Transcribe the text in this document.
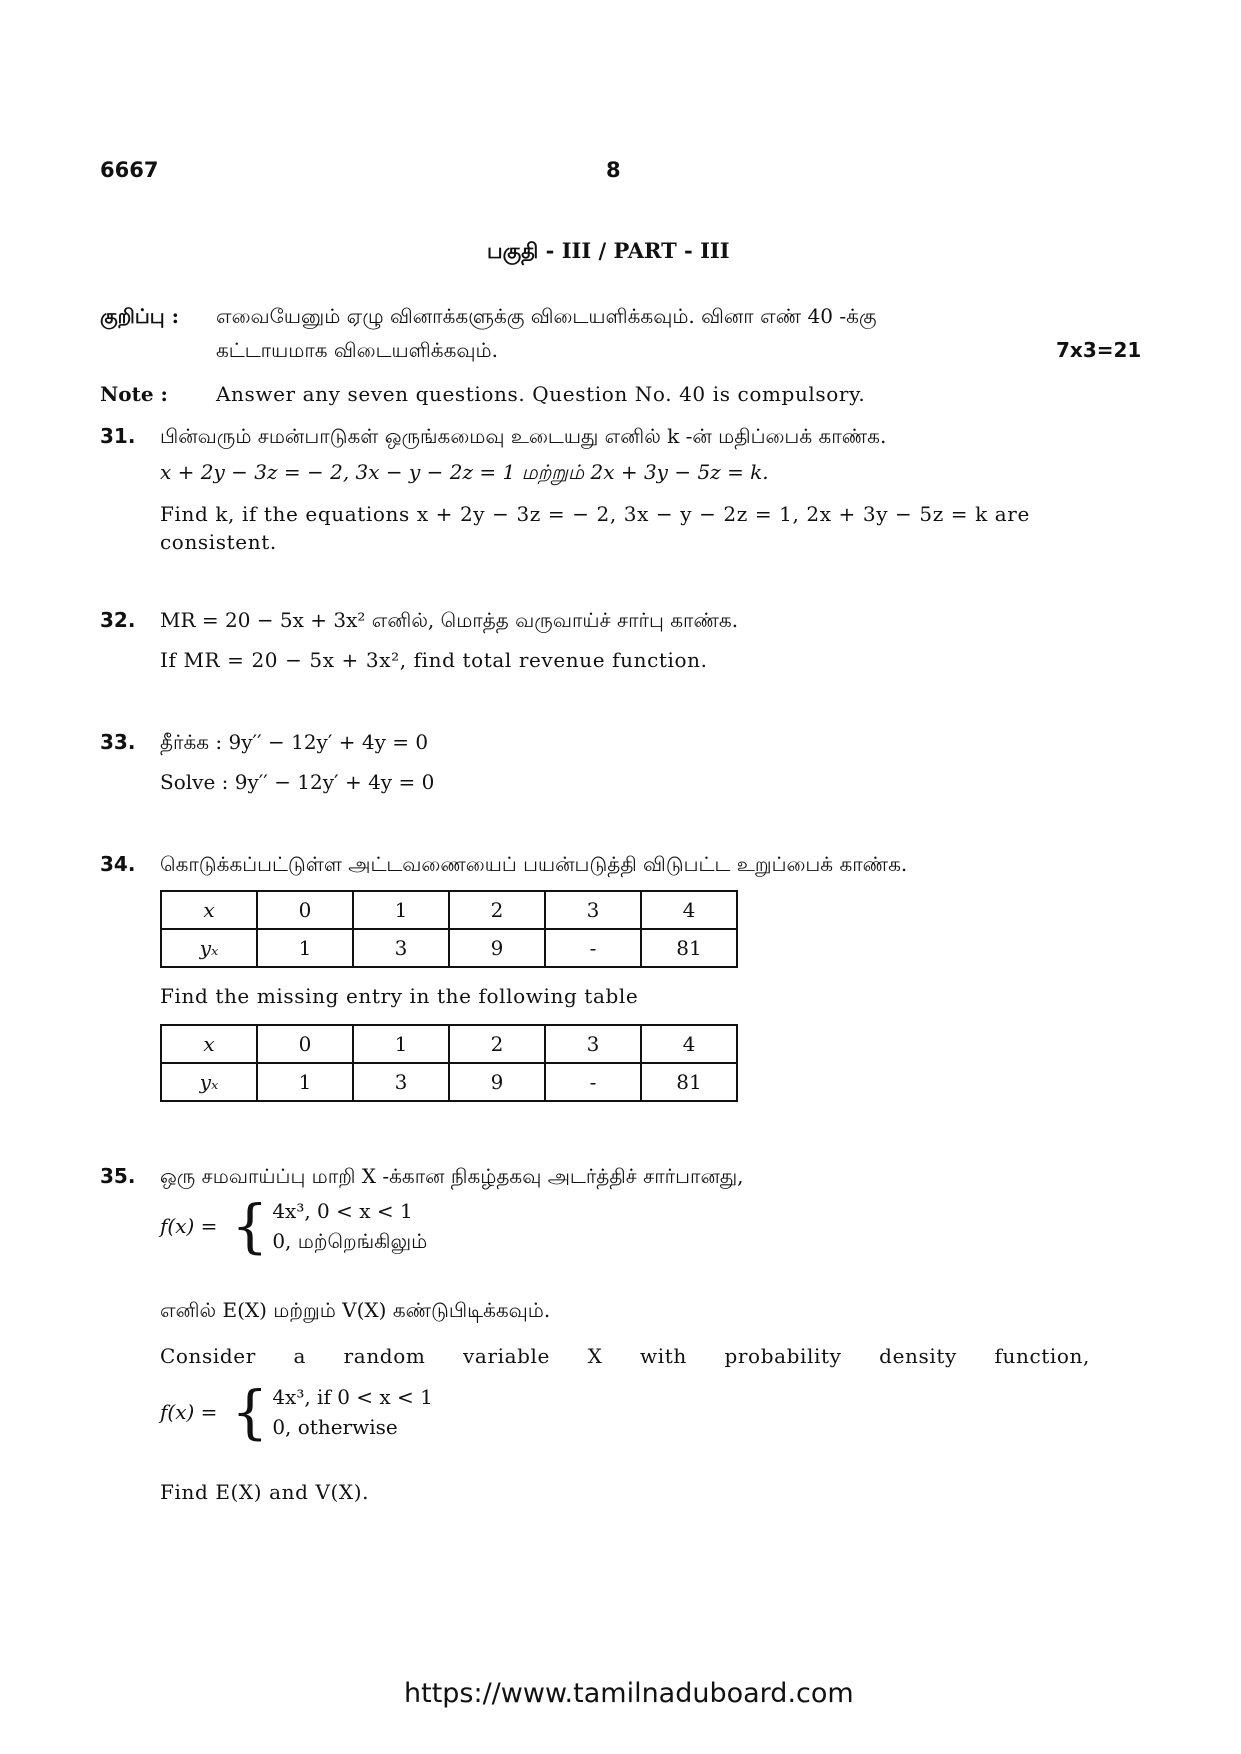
6667	8
பகுதி - III / PART - III
குறிப்பு : எவையேனும் ஏழு வினாக்களுக்கு விடையளிக்கவும். வினா எண் 40 -க்கு
கட்டாயமாக விடையளிக்கவும்.	7x3=21
Note : Answer any seven questions. Question No. 40 is compulsory.
31. பின்வரும் சமன்பாடுகள் ஒருங்கமைவு உடையது எனில் k -ன் மதிப்பைக் காண்க.
x + 2y − 3z = − 2, 3x − y − 2z = 1 மற்றும் 2x + 3y − 5z = k.
Find k, if the equations x + 2y − 3z = − 2, 3x − y − 2z = 1, 2x + 3y − 5z = k are
consistent.
32. MR = 20 − 5x + 3x² எனில், மொத்த வருவாய்ச் சார்பு காண்க.
If MR = 20 − 5x + 3x², find total revenue function.
33. தீர்க்க : 9y′′ − 12y′ + 4y = 0
Solve : 9y′′ − 12y′ + 4y = 0
34. கொடுக்கப்பட்டுள்ள அட்டவணையைப் பயன்படுத்தி விடுபட்ட உறுப்பைக் காண்க.
x	0	1	2	3	4
yₓ	1	3	9	-	81
Find the missing entry in the following table
x	0	1	2	3	4
yₓ	1	3	9	-	81
35. ஒரு சமவாய்ப்பு மாறி X -க்கான நிகழ்தகவு அடர்த்திச் சார்பானது,
f(x) = { 4x³, 0 < x < 1
0, மற்றெங்கிலும்
எனில் E(X) மற்றும் V(X) கண்டுபிடிக்கவும்.
Consider a random variable X with probability density function,
f(x) = { 4x³, if 0 < x < 1
0, otherwise
Find E(X) and V(X).
https://www.tamilnaduboard.com
